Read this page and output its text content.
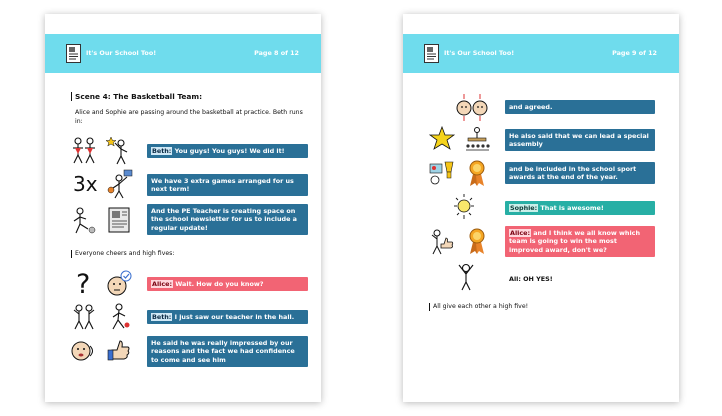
It's Our School Too!	Page 8 of 12
Scene 4: The Basketball Team:
Alice and Sophie are passing around the basketball at practice. Beth runs in:
Beth: You guys! You guys! We did it!
3x	We have 3 extra games arranged for us next term!
And the PE Teacher is creating space on the school newsletter for us to include a regular update!
Everyone cheers and high fives:
?	Alice: Wait. How do you know?
Beth: I just saw our teacher in the hall.
He said he was really impressed by our reasons and the fact we had confidence to come and see him
It's Our School Too!	Page 9 of 12
and agreed.
He also said that we can lead a special assembly
and be included in the school sport awards at the end of the year.
Sophie: That is awesome!
Alice: and I think we all know which team is going to win the most improved award, don't we?
All: OH YES!
All give each other a high five!
